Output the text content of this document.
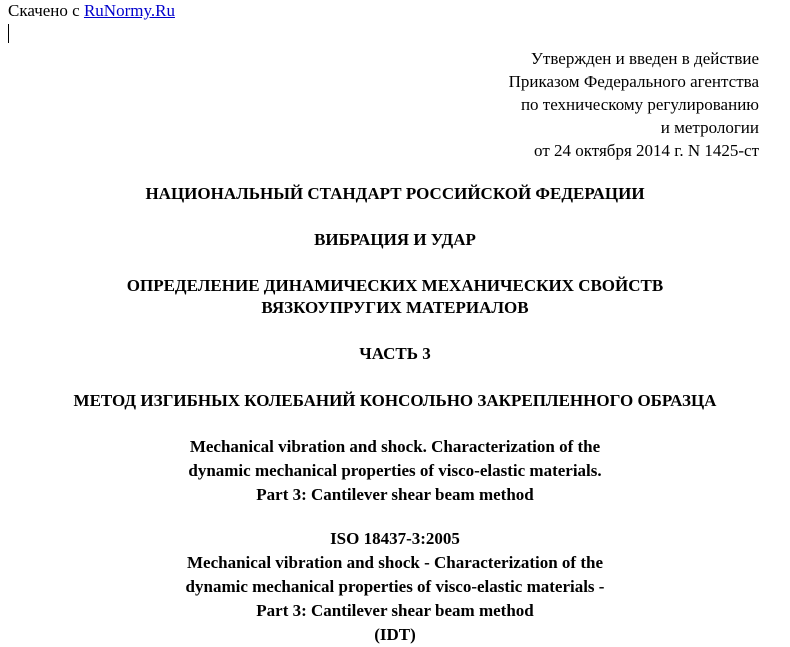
Скачено с RuNormy.Ru
Утвержден и введен в действие
Приказом Федерального агентства
по техническому регулированию
и метрологии
от 24 октября 2014 г. N 1425-ст
НАЦИОНАЛЬНЫЙ СТАНДАРТ РОССИЙСКОЙ ФЕДЕРАЦИИ
ВИБРАЦИЯ И УДАР
ОПРЕДЕЛЕНИЕ ДИНАМИЧЕСКИХ МЕХАНИЧЕСКИХ СВОЙСТВ
ВЯЗКОУПРУГИХ МАТЕРИАЛОВ
ЧАСТЬ 3
МЕТОД ИЗГИБНЫХ КОЛЕБАНИЙ КОНСОЛЬНО ЗАКРЕПЛЕННОГО ОБРАЗЦА
Mechanical vibration and shock. Characterization of the
dynamic mechanical properties of visco-elastic materials.
Part 3: Cantilever shear beam method
ISO 18437-3:2005
Mechanical vibration and shock - Characterization of the
dynamic mechanical properties of visco-elastic materials -
Part 3: Cantilever shear beam method
(IDT)
